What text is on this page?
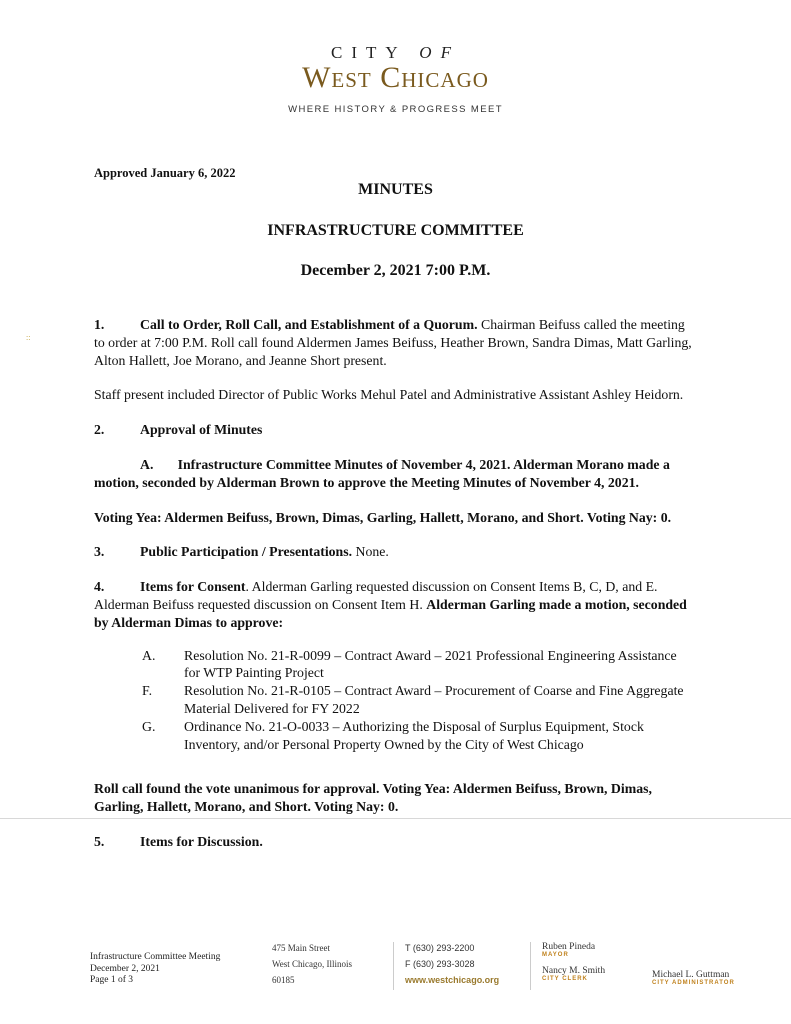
CITY OF
West Chicago
WHERE HISTORY & PROGRESS MEET
Approved January 6, 2022
MINUTES
INFRASTRUCTURE COMMITTEE
December 2, 2021 7:00 P.M.
::

1.	Call to Order, Roll Call, and Establishment of a Quorum. Chairman Beifuss called the meeting to order at 7:00 P.M. Roll call found Aldermen James Beifuss, Heather Brown, Sandra Dimas, Matt Garling, Alton Hallett, Joe Morano, and Jeanne Short present.

Staff present included Director of Public Works Mehul Patel and Administrative Assistant Ashley Heidorn.

2.	Approval of Minutes

A. Infrastructure Committee Minutes of November 4, 2021. Alderman Morano made a motion, seconded by Alderman Brown to approve the Meeting Minutes of November 4, 2021.

Voting Yea: Aldermen Beifuss, Brown, Dimas, Garling, Hallett, Morano, and Short. Voting Nay: 0.

3.	Public Participation / Presentations. None.

4.	Items for Consent. Alderman Garling requested discussion on Consent Items B, C, D, and E. Alderman Beifuss requested discussion on Consent Item H. Alderman Garling made a motion, seconded by Alderman Dimas to approve:

A.	Resolution No. 21-R-0099 – Contract Award – 2021 Professional Engineering Assistance for WTP Painting Project
F.	Resolution No. 21-R-0105 – Contract Award – Procurement of Coarse and Fine Aggregate Material Delivered for FY 2022
G.	Ordinance No. 21-O-0033 – Authorizing the Disposal of Surplus Equipment, Stock Inventory, and/or Personal Property Owned by the City of West Chicago

Roll call found the vote unanimous for approval. Voting Yea: Aldermen Beifuss, Brown, Dimas, Garling, Hallett, Morano, and Short. Voting Nay: 0.

5.	Items for Discussion.

Infrastructure Committee Meeting
December 2, 2021
Page 1 of 3
475 Main Street
West Chicago, Illinois
60185
T (630) 293-2200
F (630) 293-3028
www.westchicago.org
Ruben Pineda
MAYOR
Nancy M. Smith
CITY CLERK	Michael L. Guttman
CITY ADMINISTRATOR
